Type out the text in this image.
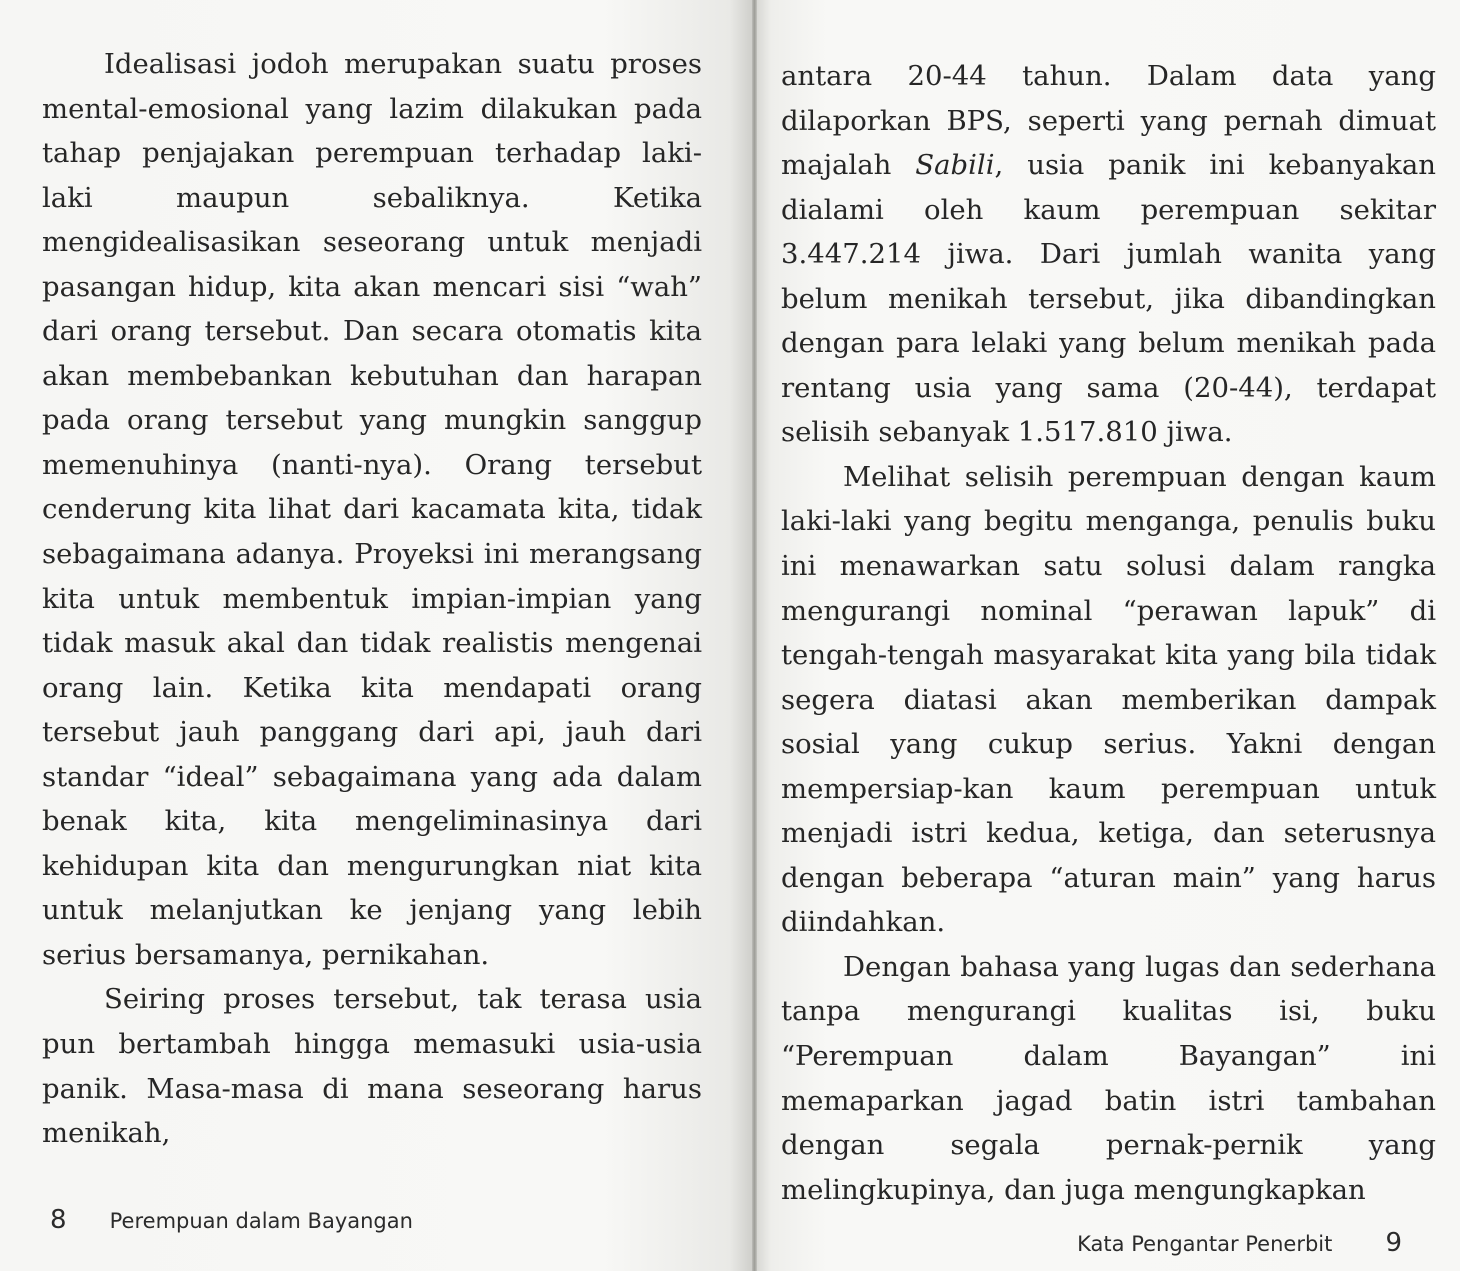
Idealisasi jodoh merupakan suatu proses mental-emosional yang lazim dilakukan pada tahap penjajakan perempuan terhadap laki-laki maupun sebaliknya. Ketika mengidealisasikan seseorang untuk menjadi pasangan hidup, kita akan mencari sisi “wah” dari orang tersebut. Dan secara otomatis kita akan membebankan kebutuhan dan harapan pada orang tersebut yang mungkin sanggup memenuhinya (nanti-nya). Orang tersebut cenderung kita lihat dari kacamata kita, tidak sebagaimana adanya. Proyeksi ini merangsang kita untuk membentuk impian-impian yang tidak masuk akal dan tidak realistis mengenai orang lain. Ketika kita mendapati orang tersebut jauh panggang dari api, jauh dari standar “ideal” sebagaimana yang ada dalam benak kita, kita mengeliminasinya dari kehidupan kita dan mengurungkan niat kita untuk melanjutkan ke jenjang yang lebih serius bersamanya, pernikahan.

Seiring proses tersebut, tak terasa usia pun bertambah hingga memasuki usia-usia panik. Masa-masa di mana seseorang harus menikah,

8 Perempuan dalam Bayangan

antara 20-44 tahun. Dalam data yang dilaporkan BPS, seperti yang pernah dimuat majalah Sabili, usia panik ini kebanyakan dialami oleh kaum perempuan sekitar 3.447.214 jiwa. Dari jumlah wanita yang belum menikah tersebut, jika dibandingkan dengan para lelaki yang belum menikah pada rentang usia yang sama (20-44), terdapat selisih sebanyak 1.517.810 jiwa.

Melihat selisih perempuan dengan kaum laki-laki yang begitu menganga, penulis buku ini menawarkan satu solusi dalam rangka mengurangi nominal “perawan lapuk” di tengah-tengah masyarakat kita yang bila tidak segera diatasi akan memberikan dampak sosial yang cukup serius. Yakni dengan mempersiap-kan kaum perempuan untuk menjadi istri kedua, ketiga, dan seterusnya dengan beberapa “aturan main” yang harus diindahkan.

Dengan bahasa yang lugas dan sederhana tanpa mengurangi kualitas isi, buku “Perempuan dalam Bayangan” ini memaparkan jagad batin istri tambahan dengan segala pernak-pernik yang melingkupinya, dan juga mengungkapkan

Kata Pengantar Penerbit 9
